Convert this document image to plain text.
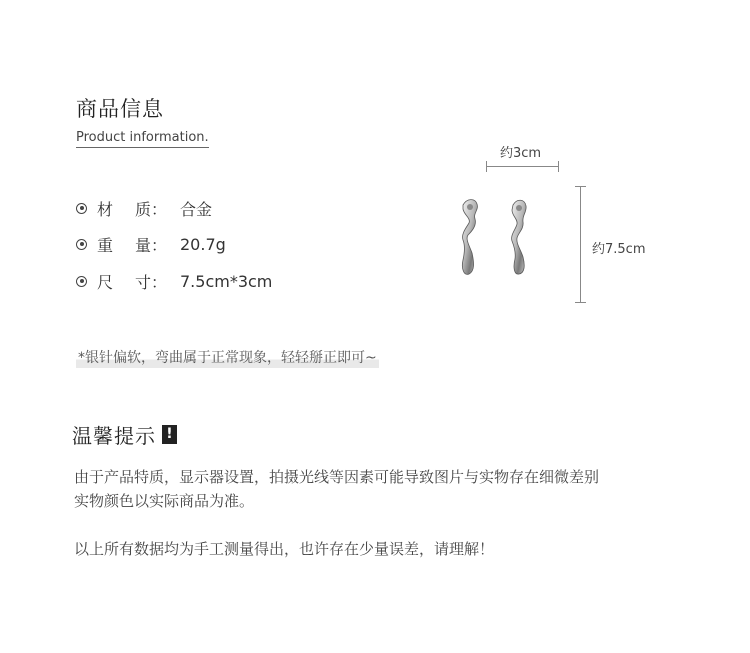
商品信息
Product information.
材 质： 合金
重 量： 20.7g
尺 寸： 7.5cm*3cm
约3cm
约7.5cm
*银针偏软，弯曲属于正常现象，轻轻掰正即可~
温馨提示 !
由于产品特质，显示器设置，拍摄光线等因素可能导致图片与实物存在细微差别
实物颜色以实际商品为准。
以上所有数据均为手工测量得出，也许存在少量误差，请理解！
